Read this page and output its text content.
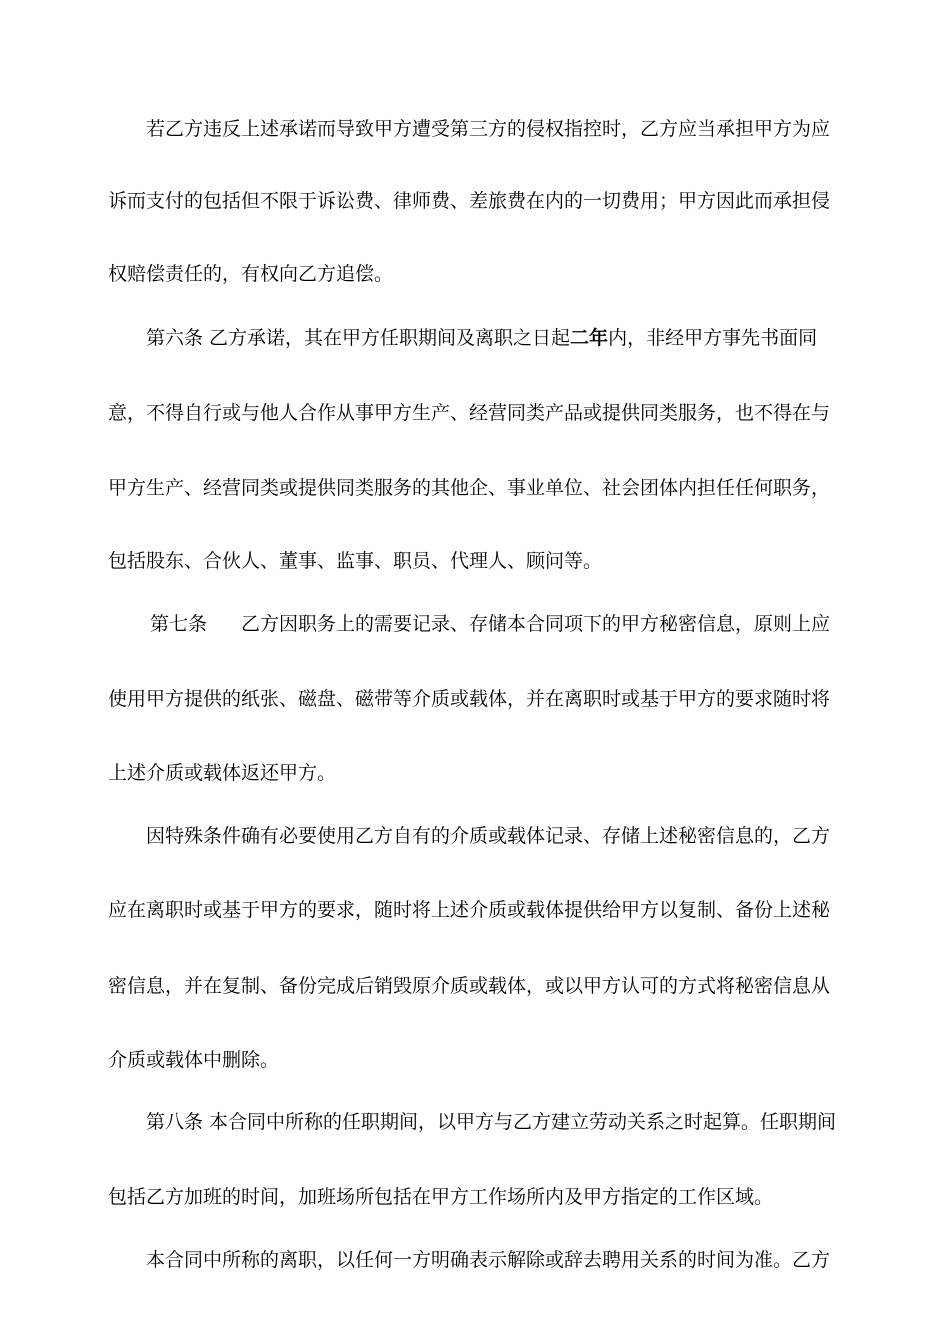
若乙方违反上述承诺而导致甲方遭受第三方的侵权指控时，乙方应当承担甲方为应
诉而支付的包括但不限于诉讼费、律师费、差旅费在内的一切费用；甲方因此而承担侵
权赔偿责任的，有权向乙方追偿。
第六条 乙方承诺，其在甲方任职期间及离职之日起二年内，非经甲方事先书面同
意，不得自行或与他人合作从事甲方生产、经营同类产品或提供同类服务，也不得在与
甲方生产、经营同类或提供同类服务的其他企、事业单位、社会团体内担任任何职务，
包括股东、合伙人、董事、监事、职员、代理人、顾问等。
第七条 乙方因职务上的需要记录、存储本合同项下的甲方秘密信息，原则上应
使用甲方提供的纸张、磁盘、磁带等介质或载体，并在离职时或基于甲方的要求随时将
上述介质或载体返还甲方。
因特殊条件确有必要使用乙方自有的介质或载体记录、存储上述秘密信息的，乙方
应在离职时或基于甲方的要求，随时将上述介质或载体提供给甲方以复制、备份上述秘
密信息，并在复制、备份完成后销毁原介质或载体，或以甲方认可的方式将秘密信息从
介质或载体中删除。
第八条 本合同中所称的任职期间，以甲方与乙方建立劳动关系之时起算。任职期间
包括乙方加班的时间，加班场所包括在甲方工作场所内及甲方指定的工作区域。
本合同中所称的离职，以任何一方明确表示解除或辞去聘用关系的时间为准。乙方
